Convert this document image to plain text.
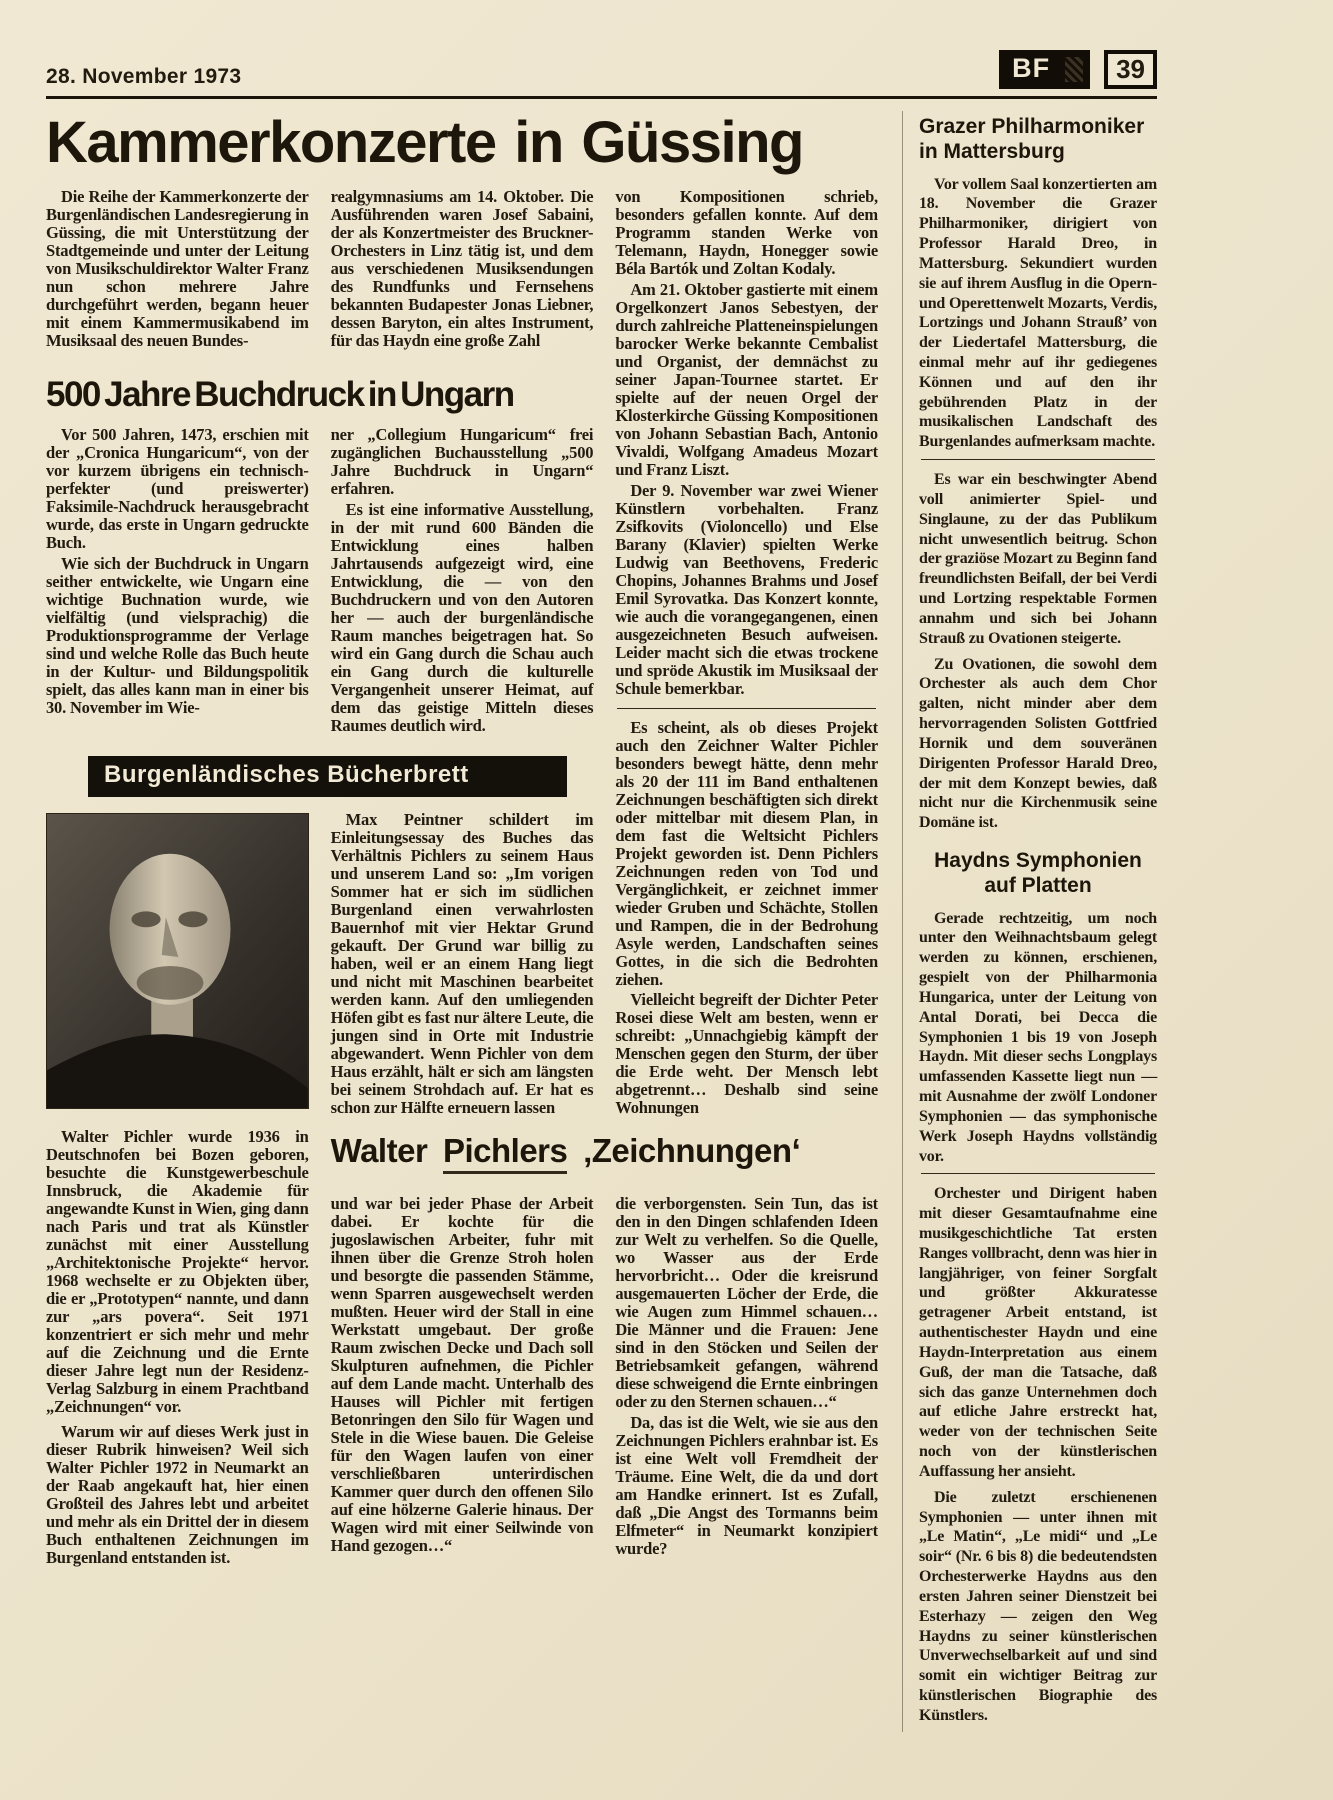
28. November 1973	BF	39
Kammerkonzerte in Güssing

Die Reihe der Kammerkonzerte der Burgenländischen Landesregierung in Güssing, die mit Unterstützung der Stadtgemeinde und unter der Leitung von Musikschuldirektor Walter Franz nun schon mehrere Jahre durchgeführt werden, begann heuer mit einem Kammermusikabend im Musiksaal des neuen Bundes-

realgymnasiums am 14. Oktober. Die Ausführenden waren Josef Sabaini, der als Konzertmeister des Bruckner-Orchesters in Linz tätig ist, und dem aus verschiedenen Musiksendungen des Rundfunks und Fernsehens bekannten Budapester Jonas Liebner, dessen Baryton, ein altes Instrument, für das Haydn eine große Zahl

von Kompositionen schrieb, besonders gefallen konnte. Auf dem Programm standen Werke von Telemann, Haydn, Honegger sowie Béla Bartók und Zoltan Kodaly.

Am 21. Oktober gastierte mit einem Orgelkonzert Janos Sebestyen, der durch zahlreiche Platteneinspielungen barocker Werke bekannte Cembalist und Organist, der demnächst zu seiner Japan-Tournee startet. Er spielte auf der neuen Orgel der Klosterkirche Güssing Kompositionen von Johann Sebastian Bach, Antonio Vivaldi, Wolfgang Amadeus Mozart und Franz Liszt.

Der 9. November war zwei Wiener Künstlern vorbehalten. Franz Zsifkovits (Violoncello) und Else Barany (Klavier) spielten Werke Ludwig van Beethovens, Frederic Chopins, Johannes Brahms und Josef Emil Syrovatka. Das Konzert konnte, wie auch die vorangegangenen, einen ausgezeichneten Besuch aufweisen. Leider macht sich die etwas trockene und spröde Akustik im Musiksaal der Schule bemerkbar.

Es scheint, als ob dieses Projekt auch den Zeichner Walter Pichler besonders bewegt hätte, denn mehr als 20 der 111 im Band enthaltenen Zeichnungen beschäftigten sich direkt oder mittelbar mit diesem Plan, in dem fast die Weltsicht Pichlers Projekt geworden ist. Denn Pichlers Zeichnungen reden von Tod und Vergänglichkeit, er zeichnet immer wieder Gruben und Schächte, Stollen und Rampen, die in der Bedrohung Asyle werden, Landschaften seines Gottes, in die sich die Bedrohten ziehen.

Vielleicht begreift der Dichter Peter Rosei diese Welt am besten, wenn er schreibt: „Unnachgiebig kämpft der Menschen gegen den Sturm, der über die Erde weht. Der Mensch lebt abgetrennt… Deshalb sind seine Wohnungen

500 Jahre Buchdruck in Ungarn

Vor 500 Jahren, 1473, erschien mit der „Cronica Hungaricum“, von der vor kurzem übrigens ein technisch-perfekter (und preiswerter) Faksimile-Nachdruck herausgebracht wurde, das erste in Ungarn gedruckte Buch.

Wie sich der Buchdruck in Ungarn seither entwickelte, wie Ungarn eine wichtige Buchnation wurde, wie vielfältig (und vielsprachig) die Produktionsprogramme der Verlage sind und welche Rolle das Buch heute in der Kultur- und Bildungspolitik spielt, das alles kann man in einer bis 30. November im Wie-

ner „Collegium Hungaricum“ frei zugänglichen Buchausstellung „500 Jahre Buchdruck in Ungarn“ erfahren.

Es ist eine informative Ausstellung, in der mit rund 600 Bänden die Entwicklung eines halben Jahrtausends aufgezeigt wird, eine Entwicklung, die — von den Buchdruckern und von den Autoren her — auch der burgenländische Raum manches beigetragen hat. So wird ein Gang durch die Schau auch ein Gang durch die kulturelle Vergangenheit unserer Heimat, auf dem das geistige Mitteln dieses Raumes deutlich wird.

Burgenländisches Bücherbrett

Max Peintner schildert im Einleitungsessay des Buches das Verhältnis Pichlers zu seinem Haus und unserem Land so: „Im vorigen Sommer hat er sich im südlichen Burgenland einen verwahrlosten Bauernhof mit vier Hektar Grund gekauft. Der Grund war billig zu haben, weil er an einem Hang liegt und nicht mit Maschinen bearbeitet werden kann. Auf den umliegenden Höfen gibt es fast nur ältere Leute, die jungen sind in Orte mit Industrie abgewandert. Wenn Pichler von dem Haus erzählt, hält er sich am längsten bei seinem Strohdach auf. Er hat es schon zur Hälfte erneuern lassen

Walter Pichler wurde 1936 in Deutschnofen bei Bozen geboren, besuchte die Kunstgewerbeschule Innsbruck, die Akademie für angewandte Kunst in Wien, ging dann nach Paris und trat als Künstler zunächst mit einer Ausstellung „Architektonische Projekte“ hervor. 1968 wechselte er zu Objekten über, die er „Prototypen“ nannte, und dann zur „ars povera“. Seit 1971 konzentriert er sich mehr und mehr auf die Zeichnung und die Ernte dieser Jahre legt nun der Residenz-Verlag Salzburg in einem Prachtband „Zeichnungen“ vor.

Warum wir auf dieses Werk just in dieser Rubrik hinweisen? Weil sich Walter Pichler 1972 in Neumarkt an der Raab angekauft hat, hier einen Großteil des Jahres lebt und arbeitet und mehr als ein Drittel der in diesem Buch enthaltenen Zeichnungen im Burgenland entstanden ist.

Walter Pichlers ‚Zeichnungen‘

und war bei jeder Phase der Arbeit dabei. Er kochte für die jugoslawischen Arbeiter, fuhr mit ihnen über die Grenze Stroh holen und besorgte die passenden Stämme, wenn Sparren ausgewechselt werden mußten. Heuer wird der Stall in eine Werkstatt umgebaut. Der große Raum zwischen Decke und Dach soll Skulpturen aufnehmen, die Pichler auf dem Lande macht. Unterhalb des Hauses will Pichler mit fertigen Betonringen den Silo für Wagen und Stele in die Wiese bauen. Die Geleise für den Wagen laufen von einer verschließbaren unterirdischen Kammer quer durch den offenen Silo auf eine hölzerne Galerie hinaus. Der Wagen wird mit einer Seilwinde von Hand gezogen…“

die verborgensten. Sein Tun, das ist den in den Dingen schlafenden Ideen zur Welt zu verhelfen. So die Quelle, wo Wasser aus der Erde hervorbricht… Oder die kreisrund ausgemauerten Löcher der Erde, die wie Augen zum Himmel schauen… Die Männer und die Frauen: Jene sind in den Stöcken und Seilen der Betriebsamkeit gefangen, während diese schweigend die Ernte einbringen oder zu den Sternen schauen…“

Da, das ist die Welt, wie sie aus den Zeichnungen Pichlers erahnbar ist. Es ist eine Welt voll Fremdheit der Träume. Eine Welt, die da und dort am Handke erinnert. Ist es Zufall, daß „Die Angst des Tormanns beim Elfmeter“ in Neumarkt konzipiert wurde?

Grazer Philharmoniker in Mattersburg

Vor vollem Saal konzertierten am 18. November die Grazer Philharmoniker, dirigiert von Professor Harald Dreo, in Mattersburg. Sekundiert wurden sie auf ihrem Ausflug in die Opern- und Operettenwelt Mozarts, Verdis, Lortzings und Johann Strauß’ von der Liedertafel Mattersburg, die einmal mehr auf ihr gediegenes Können und auf den ihr gebührenden Platz in der musikalischen Landschaft des Burgenlandes aufmerksam machte.

Es war ein beschwingter Abend voll animierter Spiel- und Singlaune, zu der das Publikum nicht unwesentlich beitrug. Schon der graziöse Mozart zu Beginn fand freundlichsten Beifall, der bei Verdi und Lortzing respektable Formen annahm und sich bei Johann Strauß zu Ovationen steigerte.

Zu Ovationen, die sowohl dem Orchester als auch dem Chor galten, nicht minder aber dem hervorragenden Solisten Gottfried Hornik und dem souveränen Dirigenten Professor Harald Dreo, der mit dem Konzept bewies, daß nicht nur die Kirchenmusik seine Domäne ist.

Haydns Symphonien auf Platten

Gerade rechtzeitig, um noch unter den Weihnachtsbaum gelegt werden zu können, erschienen, gespielt von der Philharmonia Hungarica, unter der Leitung von Antal Dorati, bei Decca die Symphonien 1 bis 19 von Joseph Haydn. Mit dieser sechs Longplays umfassenden Kassette liegt nun — mit Ausnahme der zwölf Londoner Symphonien — das symphonische Werk Joseph Haydns vollständig vor.

Orchester und Dirigent haben mit dieser Gesamtaufnahme eine musikgeschichtliche Tat ersten Ranges vollbracht, denn was hier in langjähriger, von feiner Sorgfalt und größter Akkuratesse getragener Arbeit entstand, ist authentischester Haydn und eine Haydn-Interpretation aus einem Guß, der man die Tatsache, daß sich das ganze Unternehmen doch auf etliche Jahre erstreckt hat, weder von der technischen Seite noch von der künstlerischen Auffassung her ansieht.

Die zuletzt erschienenen Symphonien — unter ihnen mit „Le Matin“, „Le midi“ und „Le soir“ (Nr. 6 bis 8) die bedeutendsten Orchesterwerke Haydns aus den ersten Jahren seiner Dienstzeit bei Esterhazy — zeigen den Weg Haydns zu seiner künstlerischen Unverwechselbarkeit auf und sind somit ein wichtiger Beitrag zur künstlerischen Biographie des Künstlers.
